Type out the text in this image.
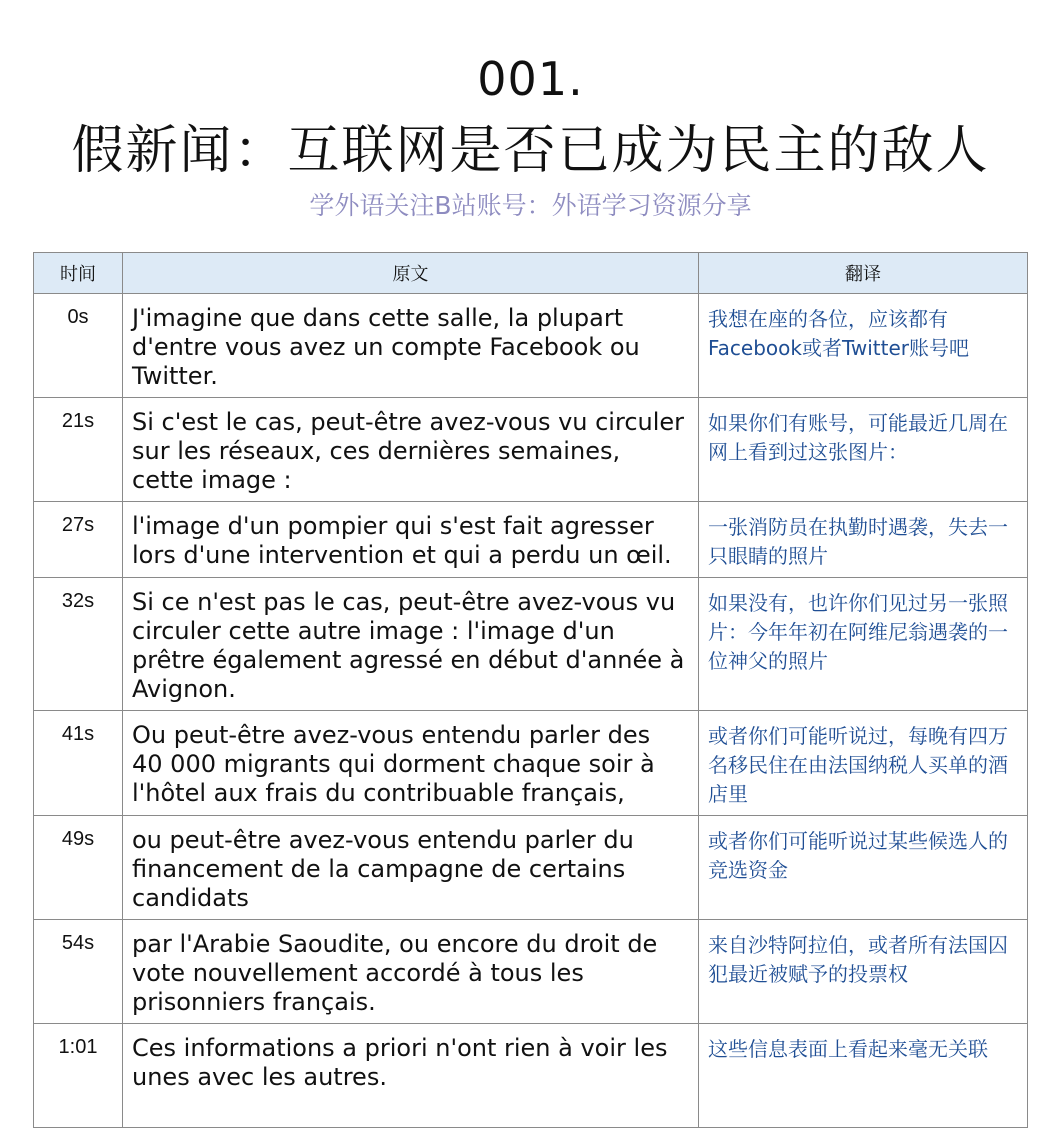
001.
假新闻：互联网是否已成为民主的敌人
学外语关注B站账号：外语学习资源分享
时间	原文	翻译
0s	J'imagine que dans cette salle, la plupart d'entre vous avez un compte Facebook ou Twitter.	我想在座的各位，应该都有Facebook或者Twitter账号吧
21s	Si c'est le cas, peut-être avez-vous vu circuler sur les réseaux, ces dernières semaines, cette image :	如果你们有账号，可能最近几周在网上看到过这张图片：
27s	l'image d'un pompier qui s'est fait agresser lors d'une intervention et qui a perdu un œil.	一张消防员在执勤时遇袭，失去一只眼睛的照片
32s	Si ce n'est pas le cas, peut-être avez-vous vu circuler cette autre image : l'image d'un prêtre également agressé en début d'année à Avignon.	如果没有，也许你们见过另一张照片：今年年初在阿维尼翁遇袭的一位神父的照片
41s	Ou peut-être avez-vous entendu parler des 40 000 migrants qui dorment chaque soir à l'hôtel aux frais du contribuable français,	或者你们可能听说过，每晚有四万名移民住在由法国纳税人买单的酒店里
49s	ou peut-être avez-vous entendu parler du financement de la campagne de certains candidats	或者你们可能听说过某些候选人的竞选资金
54s	par l'Arabie Saoudite, ou encore du droit de vote nouvellement accordé à tous les prisonniers français.	来自沙特阿拉伯，或者所有法国囚犯最近被赋予的投票权
1:01	Ces informations a priori n'ont rien à voir les unes avec les autres.	这些信息表面上看起来毫无关联
